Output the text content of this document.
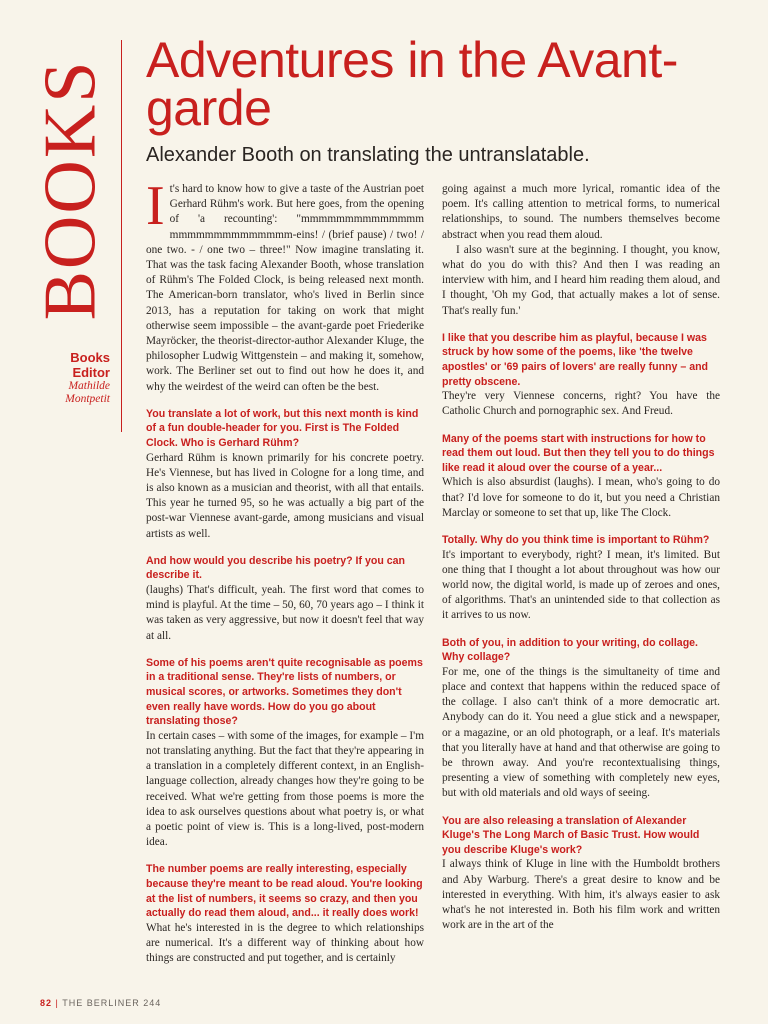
BOOKS
Books Editor
Mathilde Montpetit
Adventures in the Avant-garde
Alexander Booth on translating the untranslatable.

It's hard to know how to give a taste of the Austrian poet Gerhard Rühm's work. But here goes, from the opening of 'a recounting': "mmmmmmmmmmmmmm mmmmmmmmmmmmmm-eins! / (brief pause) / two! / one two. - / one two – three!" Now imagine translating it. That was the task facing Alexander Booth, whose translation of Rühm's The Folded Clock, is being released next month. The American-born translator, who's lived in Berlin since 2013, has a reputation for taking on work that might otherwise seem impossible – the avant-garde poet Friederike Mayröcker, the theorist-director-author Alexander Kluge, the philosopher Ludwig Wittgenstein – and making it, somehow, work. The Berliner set out to find out how he does it, and why the weirdest of the weird can often be the best.

You translate a lot of work, but this next month is kind of a fun double-header for you. First is The Folded Clock. Who is Gerhard Rühm?

Gerhard Rühm is known primarily for his concrete poetry. He's Viennese, but has lived in Cologne for a long time, and is also known as a musician and theorist, with all that entails. This year he turned 95, so he was actually a big part of the post-war Viennese avant-garde, among musicians and visual artists as well.

And how would you describe his poetry? If you can describe it.

(laughs) That's difficult, yeah. The first word that comes to mind is playful. At the time – 50, 60, 70 years ago – I think it was taken as very aggressive, but now it doesn't feel that way at all.

Some of his poems aren't quite recognisable as poems in a traditional sense. They're lists of numbers, or musical scores, or artworks. Sometimes they don't even really have words. How do you go about translating those?

In certain cases – with some of the images, for example – I'm not translating anything. But the fact that they're appearing in a translation in a completely different context, in an English-language collection, already changes how they're going to be received. What we're getting from those poems is more the idea to ask ourselves questions about what poetry is, or what a poetic point of view is. This is a long-lived, post-modern idea.

The number poems are really interesting, especially because they're meant to be read aloud. You're looking at the list of numbers, it seems so crazy, and then you actually do read them aloud, and... it really does work!

What he's interested in is the degree to which relationships are numerical. It's a different way of thinking about how things are constructed and put together, and is certainly

going against a much more lyrical, romantic idea of the poem. It's calling attention to metrical forms, to numerical relationships, to sound. The numbers themselves become abstract when you read them aloud.

I also wasn't sure at the beginning. I thought, you know, what do you do with this? And then I was reading an interview with him, and I heard him reading them aloud, and I thought, 'Oh my God, that actually makes a lot of sense. That's really fun.'

I like that you describe him as playful, because I was struck by how some of the poems, like 'the twelve apostles' or '69 pairs of lovers' are really funny – and pretty obscene.

They're very Viennese concerns, right? You have the Catholic Church and pornographic sex. And Freud.

Many of the poems start with instructions for how to read them out loud. But then they tell you to do things like read it aloud over the course of a year...

Which is also absurdist (laughs). I mean, who's going to do that? I'd love for someone to do it, but you need a Christian Marclay or someone to set that up, like The Clock.

Totally. Why do you think time is important to Rühm?

It's important to everybody, right? I mean, it's limited. But one thing that I thought a lot about throughout was how our world now, the digital world, is made up of zeroes and ones, of algorithms. That's an unintended side to that collection as it arrives to us now.

Both of you, in addition to your writing, do collage. Why collage?

For me, one of the things is the simultaneity of time and place and context that happens within the reduced space of the collage. I also can't think of a more democratic art. Anybody can do it. You need a glue stick and a newspaper, or a magazine, or an old photograph, or a leaf. It's materials that you literally have at hand and that otherwise are going to be thrown away. And you're recontextualising things, presenting a view of something with completely new eyes, but with old materials and old ways of seeing.

You are also releasing a translation of Alexander Kluge's The Long March of Basic Trust. How would you describe Kluge's work?

I always think of Kluge in line with the Humboldt brothers and Aby Warburg. There's a great desire to know and be interested in everything. With him, it's always easier to ask what's he not interested in. Both his film work and written work are in the art of the

82 | THE BERLINER 244
